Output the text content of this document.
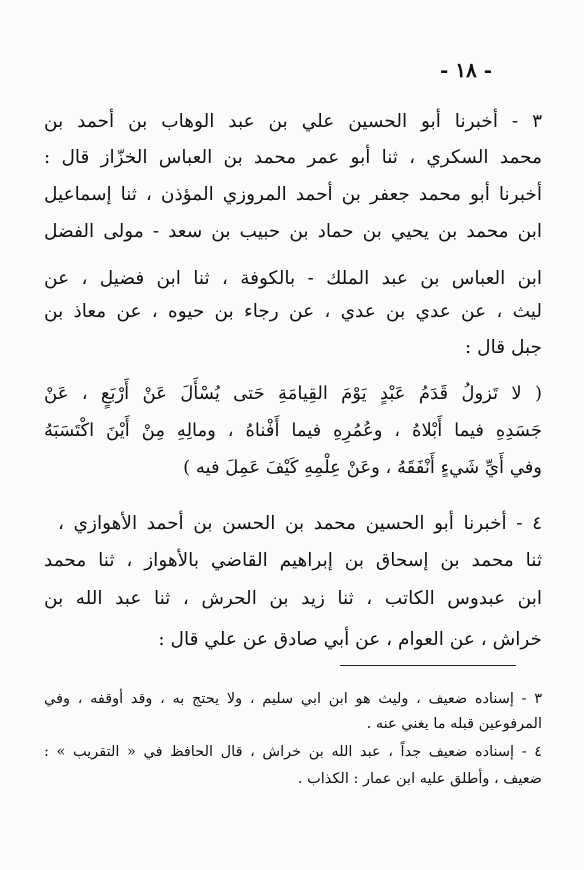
- ١٨ -
٣ - أخبرنا أبو الحسين علي بن عبد الوهاب بن أحمد بن
محمد السكري ، ثنا أبو عمر محمد بن العباس الخزّاز قال :
أخبرنا أبو محمد جعفر بن أحمد المروزي المؤذن ، ثنا إسماعيل
ابن محمد بن يحيي بن حماد بن حبيب بن سعد - مولى الفضل
ابن العباس بن عبد الملك - بالكوفة ، ثنا ابن فضيل ، عن
ليث ، عن عدي بن عدي ، عن رجاء بن حيوه ، عن معاذ بن
جبل قال :
( لا تَزولُ قَدَمُ عَبْدٍ يَوْمَ القِيامَةِ حَتى يُسْأَلَ عَنْ أَرْبَعٍ ، عَنْ
جَسَدِهِ فيما أَبْلاهُ ، وعُمُرِهِ فيما أَفْناهُ ، ومالِهِ مِنْ أَيْنَ اكْتَسَبَهُ
وفي أَيِّ شَيءٍ أَنْفَقَهُ ، وعَنْ عِلْمِهِ كَيْفَ عَمِلَ فيه )
٤ - أخبرنا أبو الحسين محمد بن الحسن بن أحمد الأهوازي ،
ثنا محمد بن إسحاق بن إبراهيم القاضي بالأهواز ، ثنا محمد
ابن عبدوس الكاتب ، ثنا زيد بن الحرش ، ثنا عبد الله بن
خراش ، عن العوام ، عن أبي صادق عن علي قال :
٣ - إسناده ضعيف ، وليث هو ابن ابي سليم ، ولا يحتج به ، وقد أوقفه ، وفي
المرفوعين قبله ما يغني عنه .
٤ - إسناده ضعيف جداً ، عبد الله بن خراش ، قال الحافظ في « التقريب » :
ضعيف ، وأطلق عليه ابن عمار : الكذاب .
